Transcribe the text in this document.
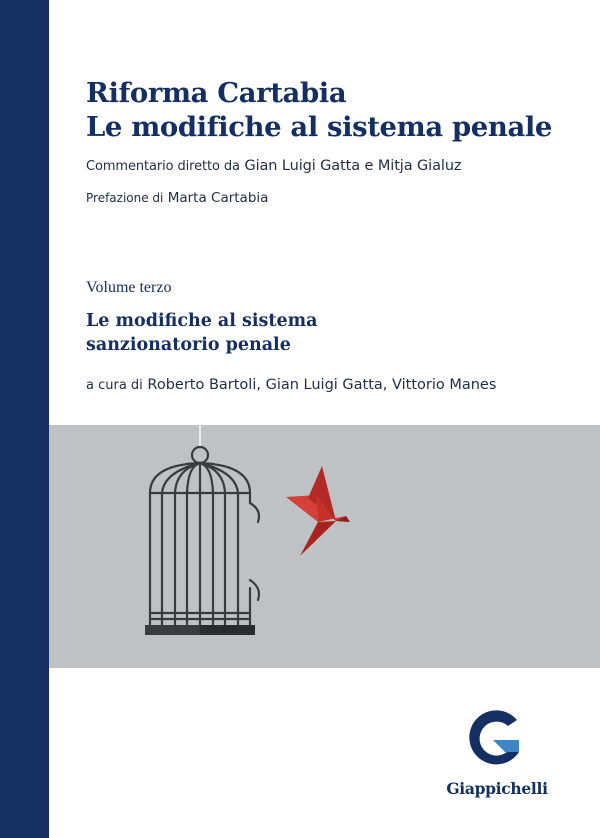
Riforma Cartabia
Le modifiche al sistema penale
Commentario diretto da Gian Luigi Gatta e Mitja Gialuz
Prefazione di Marta Cartabia
Volume terzo
Le modifiche al sistema
sanzionatorio penale
a cura di Roberto Bartoli, Gian Luigi Gatta, Vittorio Manes
Giappichelli
